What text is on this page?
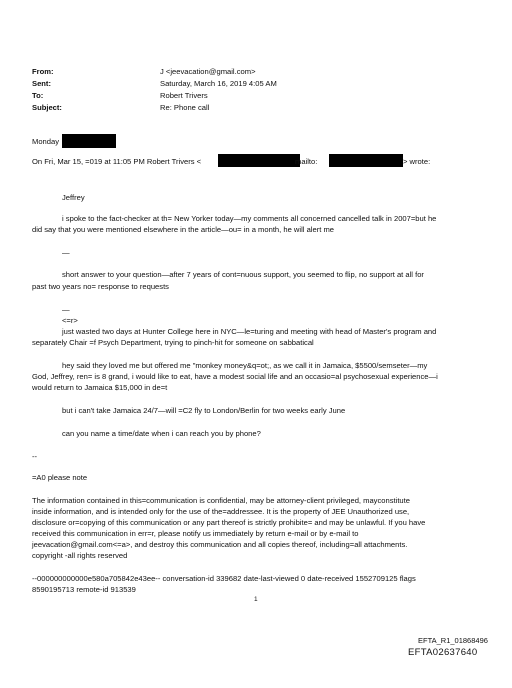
From:	J <jeevacation@gmail.com>
Sent:	Saturday, March 16, 2019 4:05 AM
To:	Robert Trivers
Subject:	Re: Phone call
Monday
On Fri, Mar 15, =019 at 11:05 PM Robert Trivers <	mailto:	> wrote:
Jeffrey
i spoke to the fact-checker at th= New Yorker today—my comments all concerned cancelled talk in 2007=but he
did say that you were mentioned elsewhere in the article—ou= in a month, he will alert me
—
short answer to your question—after 7 years of cont=nuous support, you seemed to flip, no support at all for
past two years no= response to requests
—
<=r>
just wasted two days at Hunter College here in NYC—le=turing and meeting with head of Master's program and
separately Chair =f Psych Department, trying to pinch-hit for someone on sabbatical
hey said they loved me but offered me "monkey money&q=ot;, as we call it in Jamaica, $5500/semseter—my
God, Jeffrey, ren= is 8 grand, i would like to eat, have a modest social life and an occasio=al psychosexual experience—i
would return to Jamaica $15,000 in de=t
but i can't take Jamaica 24/7—will =C2 fly to London/Berlin for two weeks early June
can you name a time/date when i can reach you by phone?
--
=A0 please note
The information contained in this=communication is confidential, may be attorney-client privileged, mayconstitute
inside information, and is intended only for the use of the=addressee. It is the property of JEE Unauthorized use,
disclosure or=copying of this communication or any part thereof is strictly prohibite= and may be unlawful. If you have
received this communication in err=r, please notify us immediately by return e-mail or by e-mail to
jeevacation@gmail.com<=a>, and destroy this communication and all copies thereof, including=all attachments.
copyright -all rights reserved
--000000000000e580a705842e43ee-- conversation-id 339682 date-last-viewed 0 date-received 1552709125 flags
8590195713 remote-id 913539
1
EFTA_R1_01868496
EFTA02637640
